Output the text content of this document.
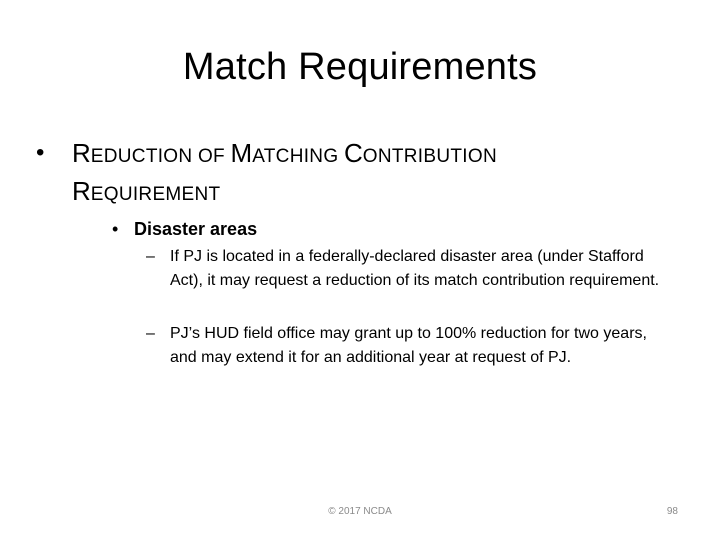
Match Requirements
•	REDUCTION OF MATCHING CONTRIBUTION
REQUIREMENT
• Disaster areas
– If PJ is located in a federally-declared disaster area (under Stafford Act), it may request a reduction of its match contribution requirement.
– PJ’s HUD field office may grant up to 100% reduction for two years, and may extend it for an additional year at request of PJ.
© 2017 NCDA	98
